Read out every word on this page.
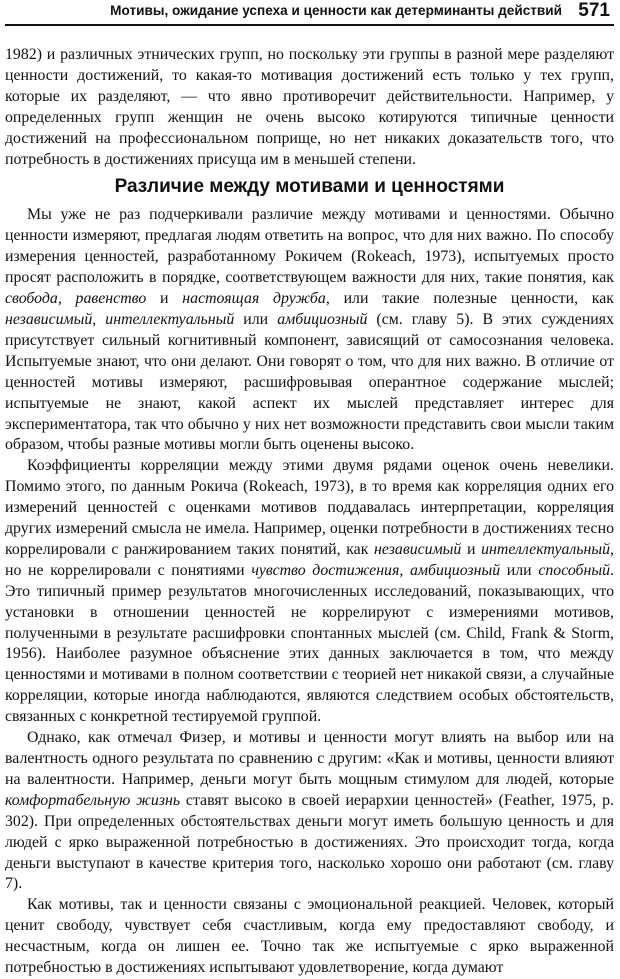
Мотивы, ожидание успеха и ценности как детерминанты действий 571

1982) и различных этнических групп, но поскольку эти группы в разной мере разделяют ценности достижений, то какая-то мотивация достижений есть только у тех групп, которые их разделяют, — что явно противоречит действительности. Например, у определенных групп женщин не очень высоко котируются типичные ценности достижений на профессиональном поприще, но нет никаких доказательств того, что потребность в достижениях присуща им в меньшей степени.

Различие между мотивами и ценностями

Мы уже не раз подчеркивали различие между мотивами и ценностями. Обычно ценности измеряют, предлагая людям ответить на вопрос, что для них важно. По способу измерения ценностей, разработанному Рокичем (Rokeach, 1973), испытуемых просто просят расположить в порядке, соответствующем важности для них, такие понятия, как свобода, равенство и настоящая дружба, или такие полезные ценности, как независимый, интеллектуальный или амбициозный (см. главу 5). В этих суждениях присутствует сильный когнитивный компонент, зависящий от самосознания человека. Испытуемые знают, что они делают. Они говорят о том, что для них важно. В отличие от ценностей мотивы измеряют, расшифровывая оперантное содержание мыслей; испытуемые не знают, какой аспект их мыслей представляет интерес для экспериментатора, так что обычно у них нет возможности представить свои мысли таким образом, чтобы разные мотивы могли быть оценены высоко.

Коэффициенты корреляции между этими двумя рядами оценок очень невелики. Помимо этого, по данным Рокича (Rokeach, 1973), в то время как корреляция одних его измерений ценностей с оценками мотивов поддавалась интерпретации, корреляция других измерений смысла не имела. Например, оценки потребности в достижениях тесно коррелировали с ранжированием таких понятий, как независимый и интеллектуальный, но не коррелировали с понятиями чувство достижения, амбициозный или способный. Это типичный пример результатов многочисленных исследований, показывающих, что установки в отношении ценностей не коррелируют с измерениями мотивов, полученными в результате расшифровки спонтанных мыслей (см. Child, Frank & Storm, 1956). Наиболее разумное объяснение этих данных заключается в том, что между ценностями и мотивами в полном соответствии с теорией нет никакой связи, а случайные корреляции, которые иногда наблюдаются, являются следствием особых обстоятельств, связанных с конкретной тестируемой группой.

Однако, как отмечал Физер, и мотивы и ценности могут влиять на выбор или на валентность одного результата по сравнению с другим: «Как и мотивы, ценности влияют на валентности. Например, деньги могут быть мощным стимулом для людей, которые комфортабельную жизнь ставят высоко в своей иерархии ценностей» (Feather, 1975, p. 302). При определенных обстоятельствах деньги могут иметь большую ценность и для людей с ярко выраженной потребностью в достижениях. Это происходит тогда, когда деньги выступают в качестве критерия того, насколько хорошо они работают (см. главу 7).

Как мотивы, так и ценности связаны с эмоциональной реакцией. Человек, который ценит свободу, чувствует себя счастливым, когда ему предоставляют свободу, и несчастным, когда он лишен ее. Точно так же испытуемые с ярко выраженной потребностью в достижениях испытывают удовлетворение, когда думают
